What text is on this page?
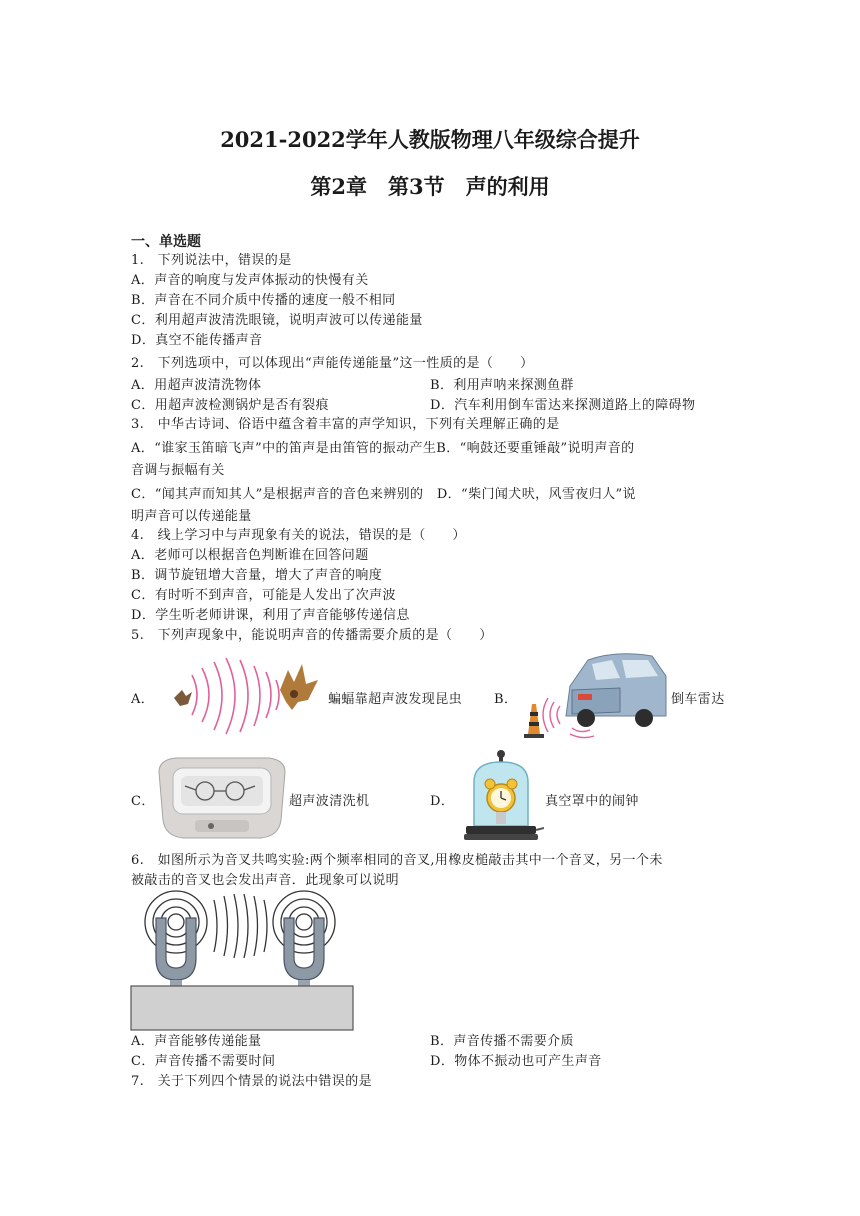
2021-2022学年人教版物理八年级综合提升
第2章　第3节　声的利用
一、单选题
1.　下列说法中，错误的是
A．声音的响度与发声体振动的快慢有关
B．声音在不同介质中传播的速度一般不相同
C．利用超声波清洗眼镜，说明声波可以传递能量
D．真空不能传播声音
2.　下列选项中，可以体现出“声能传递能量”这一性质的是（　　）
A．用超声波清洗物体	B．利用声呐来探测鱼群
C．用超声波检测锅炉是否有裂痕	D．汽车利用倒车雷达来探测道路上的障碍物
3.　中华古诗词、俗语中蕴含着丰富的声学知识，下列有关理解正确的是
A．“谁家玉笛暗飞声”中的笛声是由笛管的振动产生B．“响鼓还要重锤敲”说明声音的
音调与振幅有关
C．“闻其声而知其人”是根据声音的音色来辨别的　D．“柴门闻犬吠，风雪夜归人”说
明声音可以传递能量
4.　线上学习中与声现象有关的说法，错误的是（　　）
A．老师可以根据音色判断谁在回答问题
B．调节旋钮增大音量，增大了声音的响度
C．有时听不到声音，可能是人发出了次声波
D．学生听老师讲课，利用了声音能够传递信息
5.　下列声现象中，能说明声音的传播需要介质的是（　　）
A．	蝙蝠靠超声波发现昆虫 B．	倒车雷达
C．	超声波清洗机	D．	真空罩中的闹钟
6.　如图所示为音叉共鸣实验:两个频率相同的音叉,用橡皮槌敲击其中一个音叉，另一个未
被敲击的音叉也会发出声音．此现象可以说明
A．声音能够传递能量	B．声音传播不需要介质
C．声音传播不需要时间	D．物体不振动也可产生声音
7.　关于下列四个情景的说法中错误的是
